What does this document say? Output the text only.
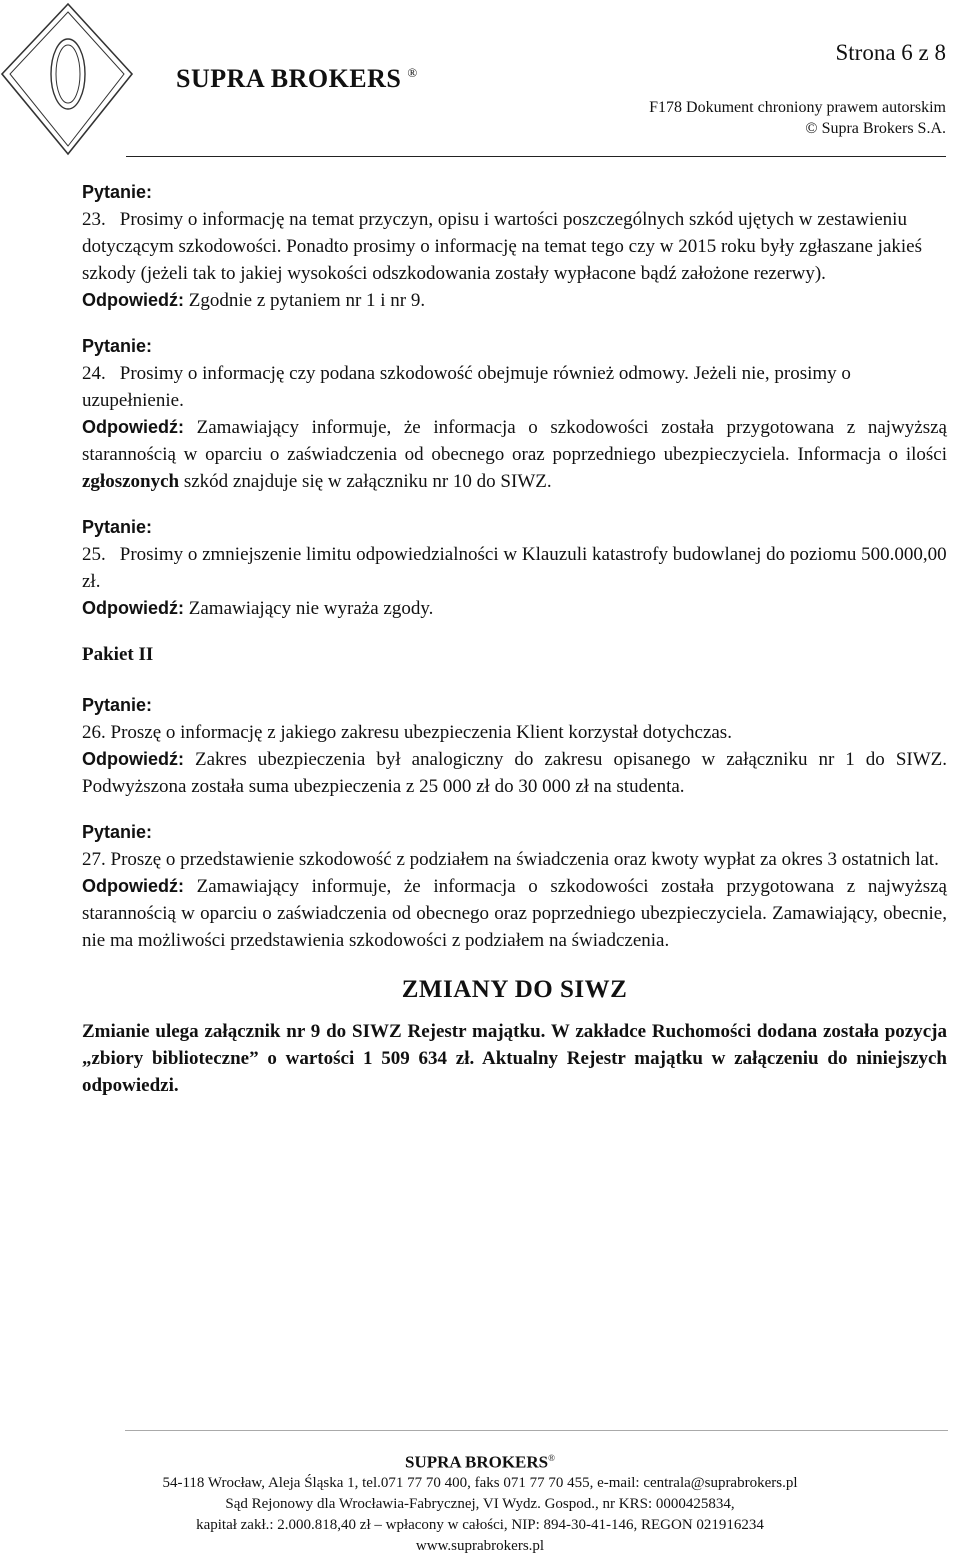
SUPRA BROKERS ®
Strona 6 z 8
F178 Dokument chroniony prawem autorskim
© Supra Brokers S.A.
Pytanie:
23. Prosimy o informację na temat przyczyn, opisu i wartości poszczególnych szkód ujętych w zestawieniu dotyczącym szkodowości. Ponadto prosimy o informację na temat tego czy w 2015 roku były zgłaszane jakieś szkody (jeżeli tak to jakiej wysokości odszkodowania zostały wypłacone bądź założone rezerwy).
Odpowiedź: Zgodnie z pytaniem nr 1 i nr 9.
Pytanie:
24. Prosimy o informację czy podana szkodowość obejmuje również odmowy. Jeżeli nie, prosimy o uzupełnienie.
Odpowiedź: Zamawiający informuje, że informacja o szkodowości została przygotowana z najwyższą starannością w oparciu o zaświadczenia od obecnego oraz poprzedniego ubezpieczyciela. Informacja o ilości zgłoszonych szkód znajduje się w załączniku nr 10 do SIWZ.
Pytanie:
25. Prosimy o zmniejszenie limitu odpowiedzialności w Klauzuli katastrofy budowlanej do poziomu 500.000,00 zł.
Odpowiedź: Zamawiający nie wyraża zgody.
Pakiet II
Pytanie:
26. Proszę o informację z jakiego zakresu ubezpieczenia Klient korzystał dotychczas.
Odpowiedź: Zakres ubezpieczenia był analogiczny do zakresu opisanego w załączniku nr 1 do SIWZ. Podwyższona została suma ubezpieczenia z 25 000 zł do 30 000 zł na studenta.
Pytanie:
27. Proszę o przedstawienie szkodowość z podziałem na świadczenia oraz kwoty wypłat za okres 3 ostatnich lat.
Odpowiedź: Zamawiający informuje, że informacja o szkodowości została przygotowana z najwyższą starannością w oparciu o zaświadczenia od obecnego oraz poprzedniego ubezpieczyciela. Zamawiający, obecnie, nie ma możliwości przedstawienia szkodowości z podziałem na świadczenia.
ZMIANY DO SIWZ
Zmianie ulega załącznik nr 9 do SIWZ Rejestr majątku. W zakładce Ruchomości dodana została pozycja „zbiory biblioteczne” o wartości 1 509 634 zł. Aktualny Rejestr majątku w załączeniu do niniejszych odpowiedzi.
SUPRA BROKERS®
54-118 Wrocław, Aleja Śląska 1, tel.071 77 70 400, faks 071 77 70 455, e-mail: centrala@suprabrokers.pl
Sąd Rejonowy dla Wrocławia-Fabrycznej, VI Wydz. Gospod., nr KRS: 0000425834,
kapitał zakł.: 2.000.818,40 zł – wpłacony w całości, NIP: 894-30-41-146, REGON 021916234
www.suprabrokers.pl
